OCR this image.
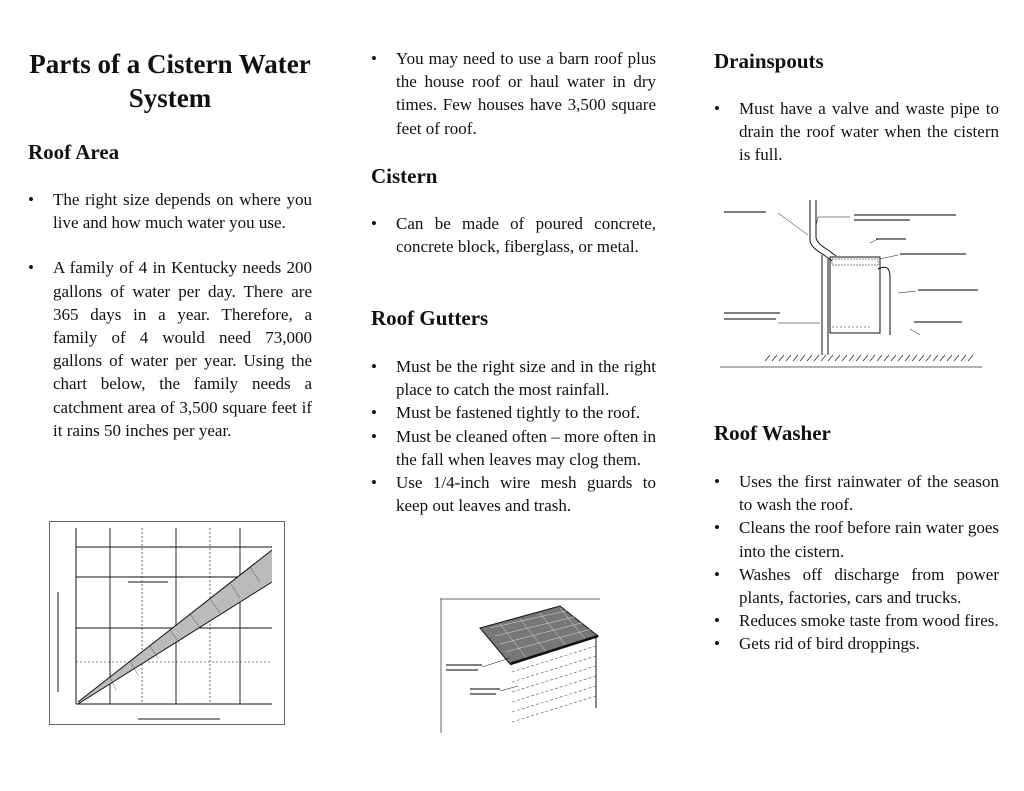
Parts of a Cistern Water System
Roof Area
• The right size depends on where you live and how much water you use.
• A family of 4 in Kentucky needs 200 gallons of water per day. There are 365 days in a year. Therefore, a family of 4 would need 73,000 gallons of water per year. Using the chart below, the family needs a catchment area of 3,500 square feet if it rains 50 inches per year.
• You may need to use a barn roof plus the house roof or haul water in dry times. Few houses have 3,500 square feet of roof.
Cistern
• Can be made of poured concrete, concrete block, fiberglass, or metal.
Roof Gutters
• Must be the right size and in the right place to catch the most rainfall.
• Must be fastened tightly to the roof.
• Must be cleaned often – more often in the fall when leaves may clog them.
• Use 1/4-inch wire mesh guards to keep out leaves and trash.
Drainspouts
• Must have a valve and waste pipe to drain the roof water when the cistern is full.
Roof Washer
• Uses the first rainwater of the season to wash the roof.
• Cleans the roof before rain water goes into the cistern.
• Washes off discharge from power plants, factories, cars and trucks.
• Reduces smoke taste from wood fires.
• Gets rid of bird droppings.
